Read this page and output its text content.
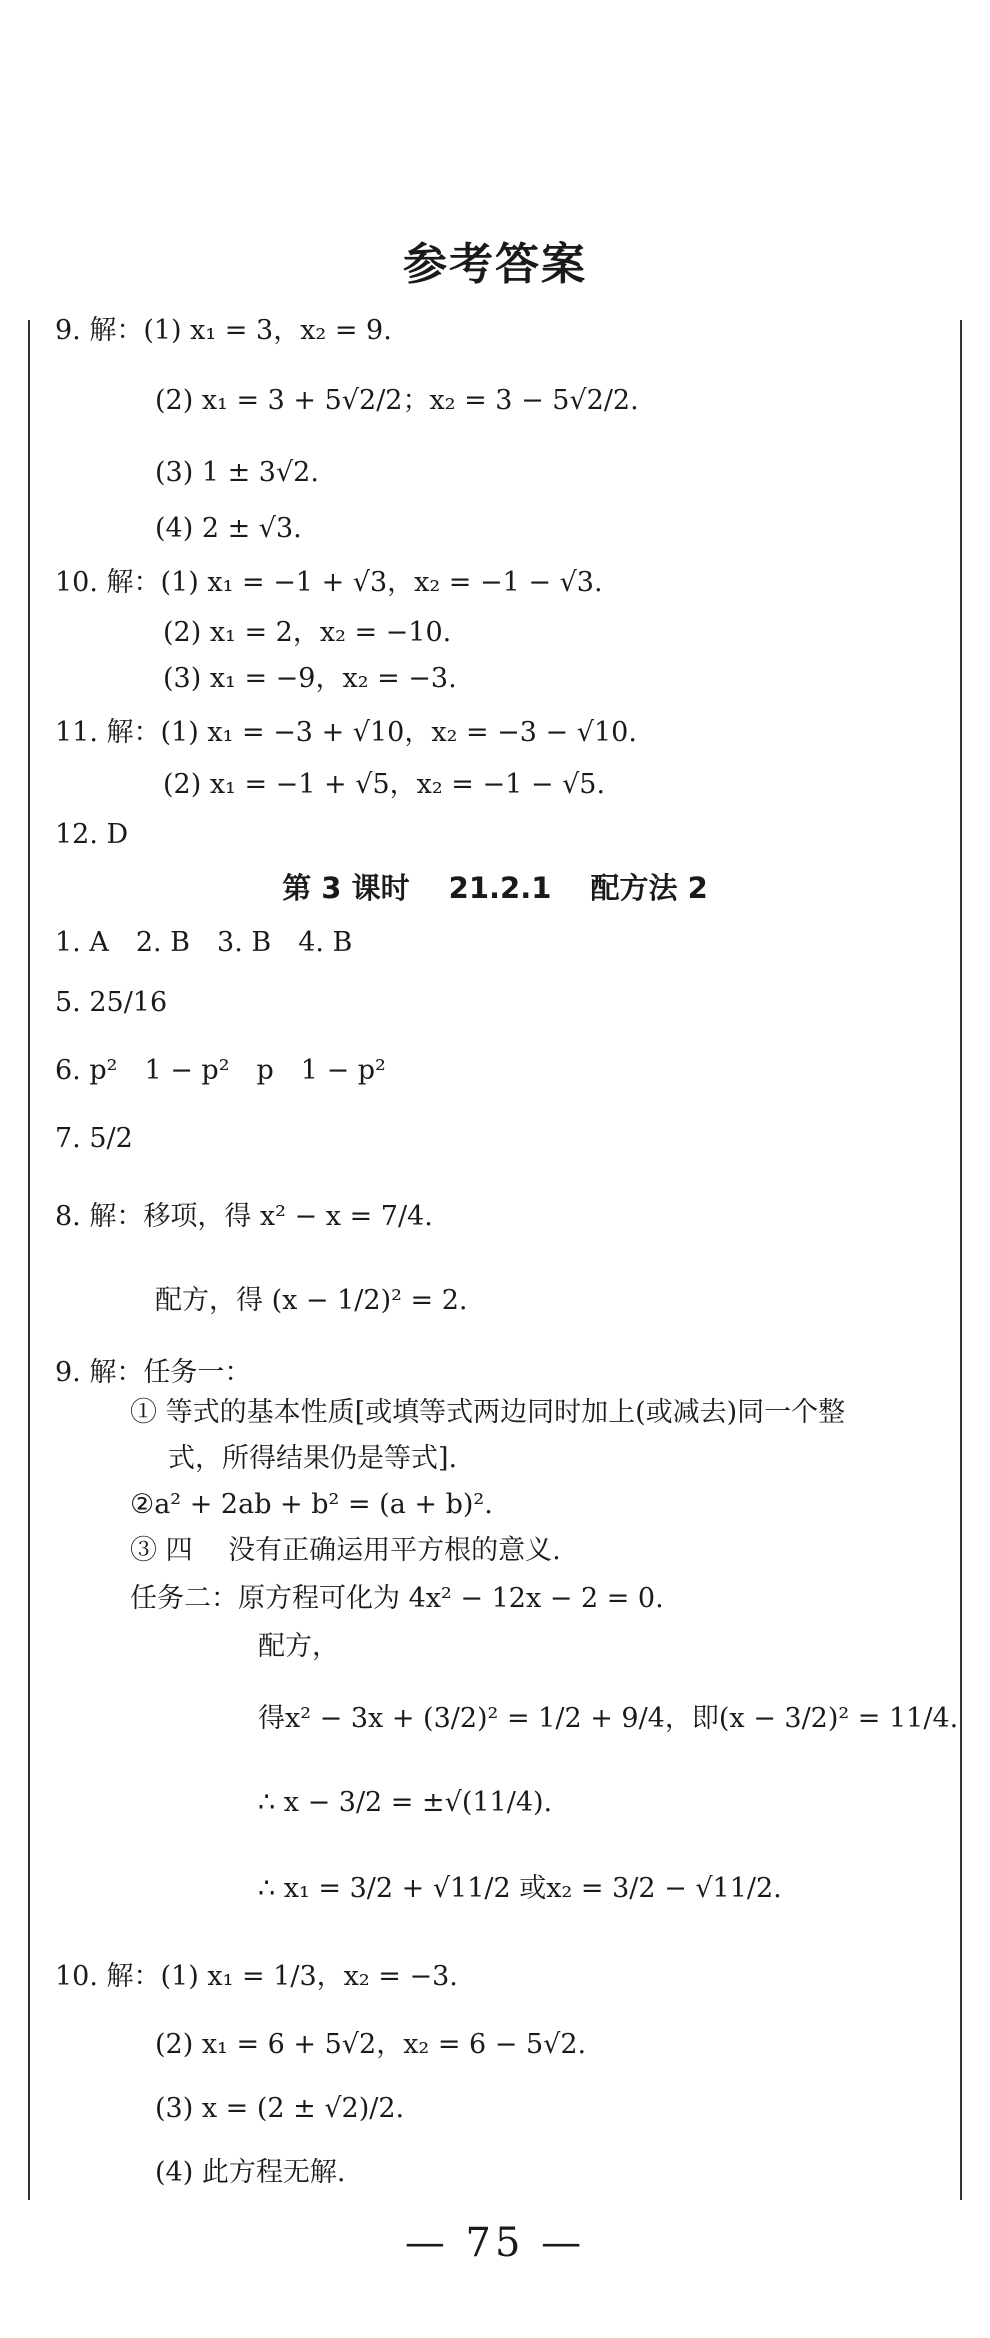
参考答案
9. 解：(1) x₁ = 3，x₂ = 9.
(2) x₁ = 3 + 5√2/2；x₂ = 3 − 5√2/2.
(3) 1 ± 3√2.
(4) 2 ± √3.
10. 解：(1) x₁ = −1 + √3，x₂ = −1 − √3.
(2) x₁ = 2，x₂ = −10.
(3) x₁ = −9，x₂ = −3.
11. 解：(1) x₁ = −3 + √10，x₂ = −3 − √10.
(2) x₁ = −1 + √5，x₂ = −1 − √5.
12. D
第 3 课时　 21.2.1　 配方法 2
1. A　2. B　3. B　4. B
5. 25/16
6. p²　1 − p²　p　1 − p²
7. 5/2
8. 解：移项，得 x² − x = 7/4.
配方，得 (x − 1/2)² = 2.
9. 解：任务一：
① 等式的基本性质[或填等式两边同时加上(或减去)同一个整
式，所得结果仍是等式].
②a² + 2ab + b² = (a + b)².
③ 四　 没有正确运用平方根的意义.
任务二：原方程可化为 4x² − 12x − 2 = 0.
配方，
得x² − 3x + (3/2)² = 1/2 + 9/4，即(x − 3/2)² = 11/4.
∴ x − 3/2 = ±√(11/4).
∴ x₁ = 3/2 + √11/2 或x₂ = 3/2 − √11/2.
10. 解：(1) x₁ = 1/3，x₂ = −3.
(2) x₁ = 6 + 5√2，x₂ = 6 − 5√2.
(3) x = (2 ± √2)/2.
(4) 此方程无解.
— 75 —
